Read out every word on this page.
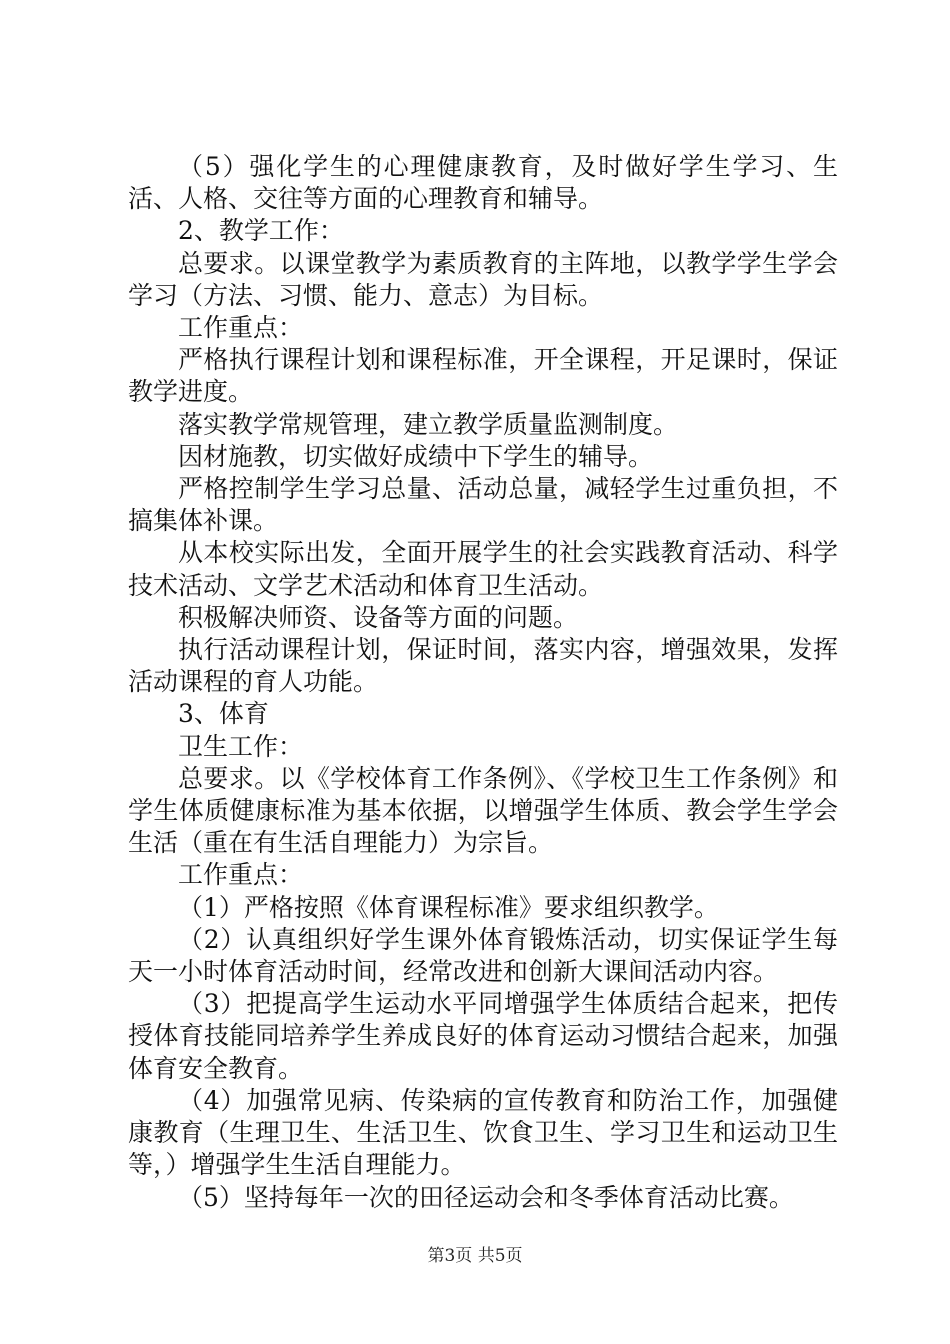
（5）强化学生的心理健康教育，及时做好学生学习、生活、人格、交往等方面的心理教育和辅导。

2、教学工作：

总要求。以课堂教学为素质教育的主阵地，以教学学生学会学习（方法、习惯、能力、意志）为目标。

工作重点：

严格执行课程计划和课程标准，开全课程，开足课时，保证教学进度。

落实教学常规管理，建立教学质量监测制度。

因材施教，切实做好成绩中下学生的辅导。

严格控制学生学习总量、活动总量，减轻学生过重负担，不搞集体补课。

从本校实际出发，全面开展学生的社会实践教育活动、科学技术活动、文学艺术活动和体育卫生活动。

积极解决师资、设备等方面的问题。

执行活动课程计划，保证时间，落实内容，增强效果，发挥活动课程的育人功能。

3、体育

卫生工作：

总要求。以《学校体育工作条例》、《学校卫生工作条例》和学生体质健康标准为基本依据，以增强学生体质、教会学生学会生活（重在有生活自理能力）为宗旨。

工作重点：

（1）严格按照《体育课程标准》要求组织教学。

（2）认真组织好学生课外体育锻炼活动，切实保证学生每天一小时体育活动时间，经常改进和创新大课间活动内容。

（3）把提高学生运动水平同增强学生体质结合起来，把传授体育技能同培养学生养成良好的体育运动习惯结合起来，加强体育安全教育。

（4）加强常见病、传染病的宣传教育和防治工作，加强健康教育（生理卫生、生活卫生、饮食卫生、学习卫生和运动卫生等，）增强学生生活自理能力。

（5）坚持每年一次的田径运动会和冬季体育活动比赛。

第3页 共5页
